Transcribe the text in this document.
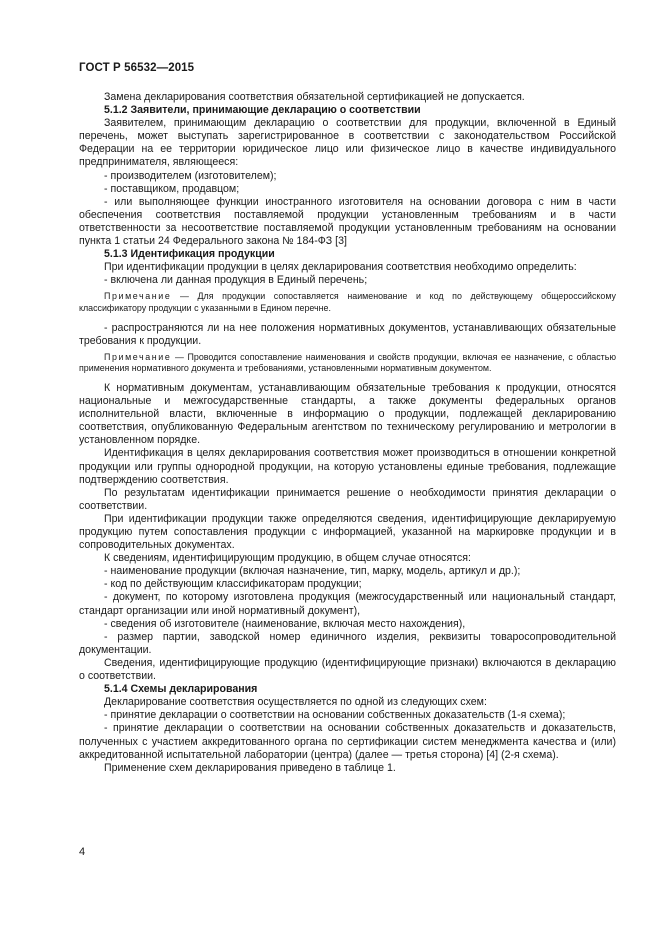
ГОСТ Р 56532—2015
Замена декларирования соответствия обязательной сертификацией не допускается.
5.1.2 Заявители, принимающие декларацию о соответствии
Заявителем, принимающим декларацию о соответствии для продукции, включенной в Единый перечень, может выступать зарегистрированное в соответствии с законодательством Российской Федерации на ее территории юридическое лицо или физическое лицо в качестве индивидуального предпринимателя, являющееся:
- производителем (изготовителем);
- поставщиком, продавцом;
- или выполняющее функции иностранного изготовителя на основании договора с ним в части обеспечения соответствия поставляемой продукции установленным требованиям и в части ответственности за несоответствие поставляемой продукции установленным требованиям на основании пункта 1 статьи 24 Федерального закона № 184-ФЗ [3]
5.1.3 Идентификация продукции
При идентификации продукции в целях декларирования соответствия необходимо определить:
- включена ли данная продукция в Единый перечень;
Примечание — Для продукции сопоставляется наименование и код по действующему общероссийскому классификатору продукции с указанными в Едином перечне.
- распространяются ли на нее положения нормативных документов, устанавливающих обязательные требования к продукции.
Примечание — Проводится сопоставление наименования и свойств продукции, включая ее назначение, с областью применения нормативного документа и требованиями, установленными нормативным документом.
К нормативным документам, устанавливающим обязательные требования к продукции, относятся национальные и межгосударственные стандарты, а также документы федеральных органов исполнительной власти, включенные в информацию о продукции, подлежащей декларированию соответствия, опубликованную Федеральным агентством по техническому регулированию и метрологии в установленном порядке.
Идентификация в целях декларирования соответствия может производиться в отношении конкретной продукции или группы однородной продукции, на которую установлены единые требования, подлежащие подтверждению соответствия.
По результатам идентификации принимается решение о необходимости принятия декларации о соответствии.
При идентификации продукции также определяются сведения, идентифицирующие декларируемую продукцию путем сопоставления продукции с информацией, указанной на маркировке продукции и в сопроводительных документах.
К сведениям, идентифицирующим продукцию, в общем случае относятся:
- наименование продукции (включая назначение, тип, марку, модель, артикул и др.);
- код по действующим классификаторам продукции;
- документ, по которому изготовлена продукция (межгосударственный или национальный стандарт, стандарт организации или иной нормативный документ),
- сведения об изготовителе (наименование, включая место нахождения),
- размер партии, заводской номер единичного изделия, реквизиты товаросопроводительной документации.
Сведения, идентифицирующие продукцию (идентифицирующие признаки) включаются в декларацию о соответствии.
5.1.4 Схемы декларирования
Декларирование соответствия осуществляется по одной из следующих схем:
- принятие декларации о соответствии на основании собственных доказательств (1-я схема);
- принятие декларации о соответствии на основании собственных доказательств и доказательств, полученных с участием аккредитованного органа по сертификации систем менеджмента качества и (или) аккредитованной испытательной лаборатории (центра) (далее — третья сторона) [4] (2-я схема).
Применение схем декларирования приведено в таблице 1.
4
